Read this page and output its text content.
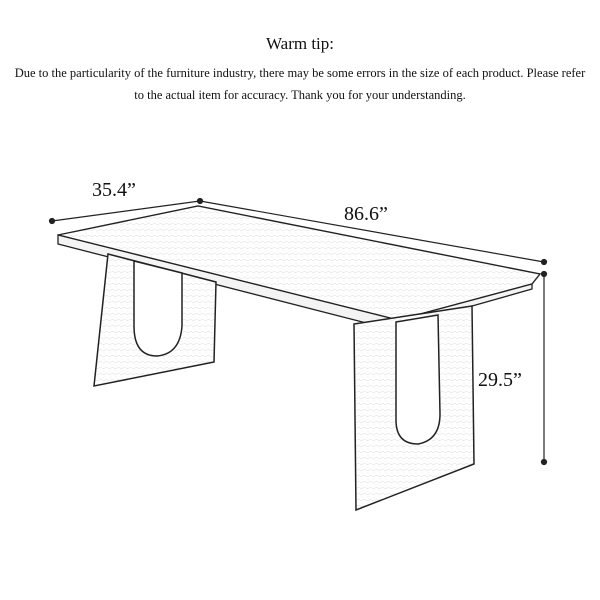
Warm tip:
Due to the particularity of the furniture industry, there may be some errors in the size of each product. Please refer to the actual item for accuracy. Thank you for your understanding.
35.4”
86.6”
29.5”
